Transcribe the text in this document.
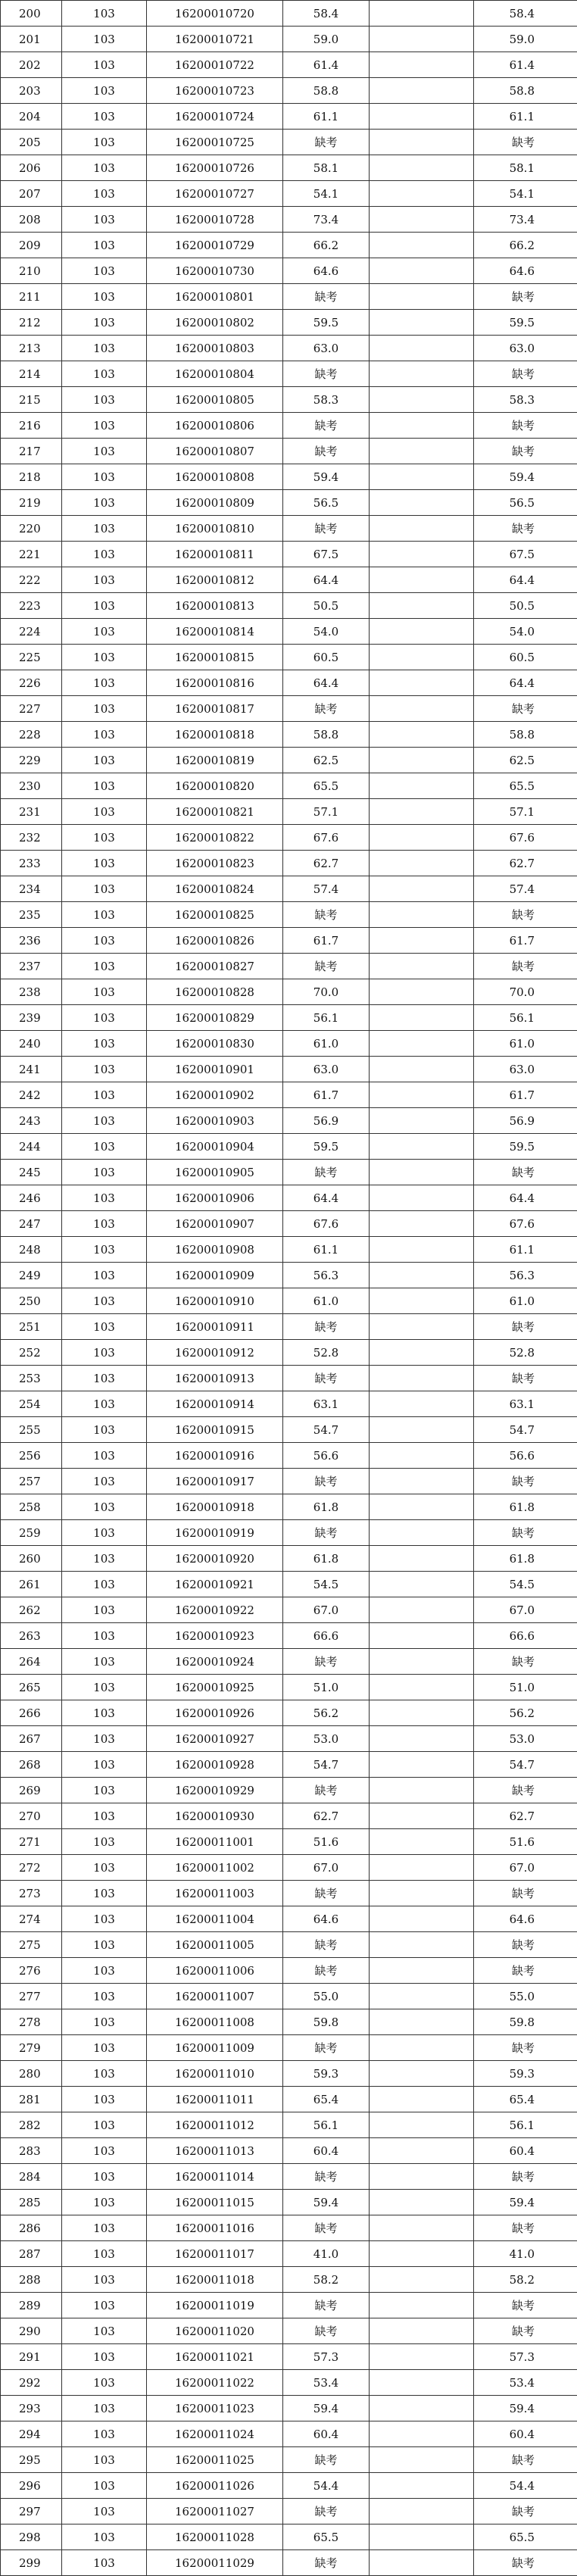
200	103	16200010720	58.4		58.4
201	103	16200010721	59.0		59.0
202	103	16200010722	61.4		61.4
203	103	16200010723	58.8		58.8
204	103	16200010724	61.1		61.1
205	103	16200010725	缺考		缺考
206	103	16200010726	58.1		58.1
207	103	16200010727	54.1		54.1
208	103	16200010728	73.4		73.4
209	103	16200010729	66.2		66.2
210	103	16200010730	64.6		64.6
211	103	16200010801	缺考		缺考
212	103	16200010802	59.5		59.5
213	103	16200010803	63.0		63.0
214	103	16200010804	缺考		缺考
215	103	16200010805	58.3		58.3
216	103	16200010806	缺考		缺考
217	103	16200010807	缺考		缺考
218	103	16200010808	59.4		59.4
219	103	16200010809	56.5		56.5
220	103	16200010810	缺考		缺考
221	103	16200010811	67.5		67.5
222	103	16200010812	64.4		64.4
223	103	16200010813	50.5		50.5
224	103	16200010814	54.0		54.0
225	103	16200010815	60.5		60.5
226	103	16200010816	64.4		64.4
227	103	16200010817	缺考		缺考
228	103	16200010818	58.8		58.8
229	103	16200010819	62.5		62.5
230	103	16200010820	65.5		65.5
231	103	16200010821	57.1		57.1
232	103	16200010822	67.6		67.6
233	103	16200010823	62.7		62.7
234	103	16200010824	57.4		57.4
235	103	16200010825	缺考		缺考
236	103	16200010826	61.7		61.7
237	103	16200010827	缺考		缺考
238	103	16200010828	70.0		70.0
239	103	16200010829	56.1		56.1
240	103	16200010830	61.0		61.0
241	103	16200010901	63.0		63.0
242	103	16200010902	61.7		61.7
243	103	16200010903	56.9		56.9
244	103	16200010904	59.5		59.5
245	103	16200010905	缺考		缺考
246	103	16200010906	64.4		64.4
247	103	16200010907	67.6		67.6
248	103	16200010908	61.1		61.1
249	103	16200010909	56.3		56.3
250	103	16200010910	61.0		61.0
251	103	16200010911	缺考		缺考
252	103	16200010912	52.8		52.8
253	103	16200010913	缺考		缺考
254	103	16200010914	63.1		63.1
255	103	16200010915	54.7		54.7
256	103	16200010916	56.6		56.6
257	103	16200010917	缺考		缺考
258	103	16200010918	61.8		61.8
259	103	16200010919	缺考		缺考
260	103	16200010920	61.8		61.8
261	103	16200010921	54.5		54.5
262	103	16200010922	67.0		67.0
263	103	16200010923	66.6		66.6
264	103	16200010924	缺考		缺考
265	103	16200010925	51.0		51.0
266	103	16200010926	56.2		56.2
267	103	16200010927	53.0		53.0
268	103	16200010928	54.7		54.7
269	103	16200010929	缺考		缺考
270	103	16200010930	62.7		62.7
271	103	16200011001	51.6		51.6
272	103	16200011002	67.0		67.0
273	103	16200011003	缺考		缺考
274	103	16200011004	64.6		64.6
275	103	16200011005	缺考		缺考
276	103	16200011006	缺考		缺考
277	103	16200011007	55.0		55.0
278	103	16200011008	59.8		59.8
279	103	16200011009	缺考		缺考
280	103	16200011010	59.3		59.3
281	103	16200011011	65.4		65.4
282	103	16200011012	56.1		56.1
283	103	16200011013	60.4		60.4
284	103	16200011014	缺考		缺考
285	103	16200011015	59.4		59.4
286	103	16200011016	缺考		缺考
287	103	16200011017	41.0		41.0
288	103	16200011018	58.2		58.2
289	103	16200011019	缺考		缺考
290	103	16200011020	缺考		缺考
291	103	16200011021	57.3		57.3
292	103	16200011022	53.4		53.4
293	103	16200011023	59.4		59.4
294	103	16200011024	60.4		60.4
295	103	16200011025	缺考		缺考
296	103	16200011026	54.4		54.4
297	103	16200011027	缺考		缺考
298	103	16200011028	65.5		65.5
299	103	16200011029	缺考		缺考
